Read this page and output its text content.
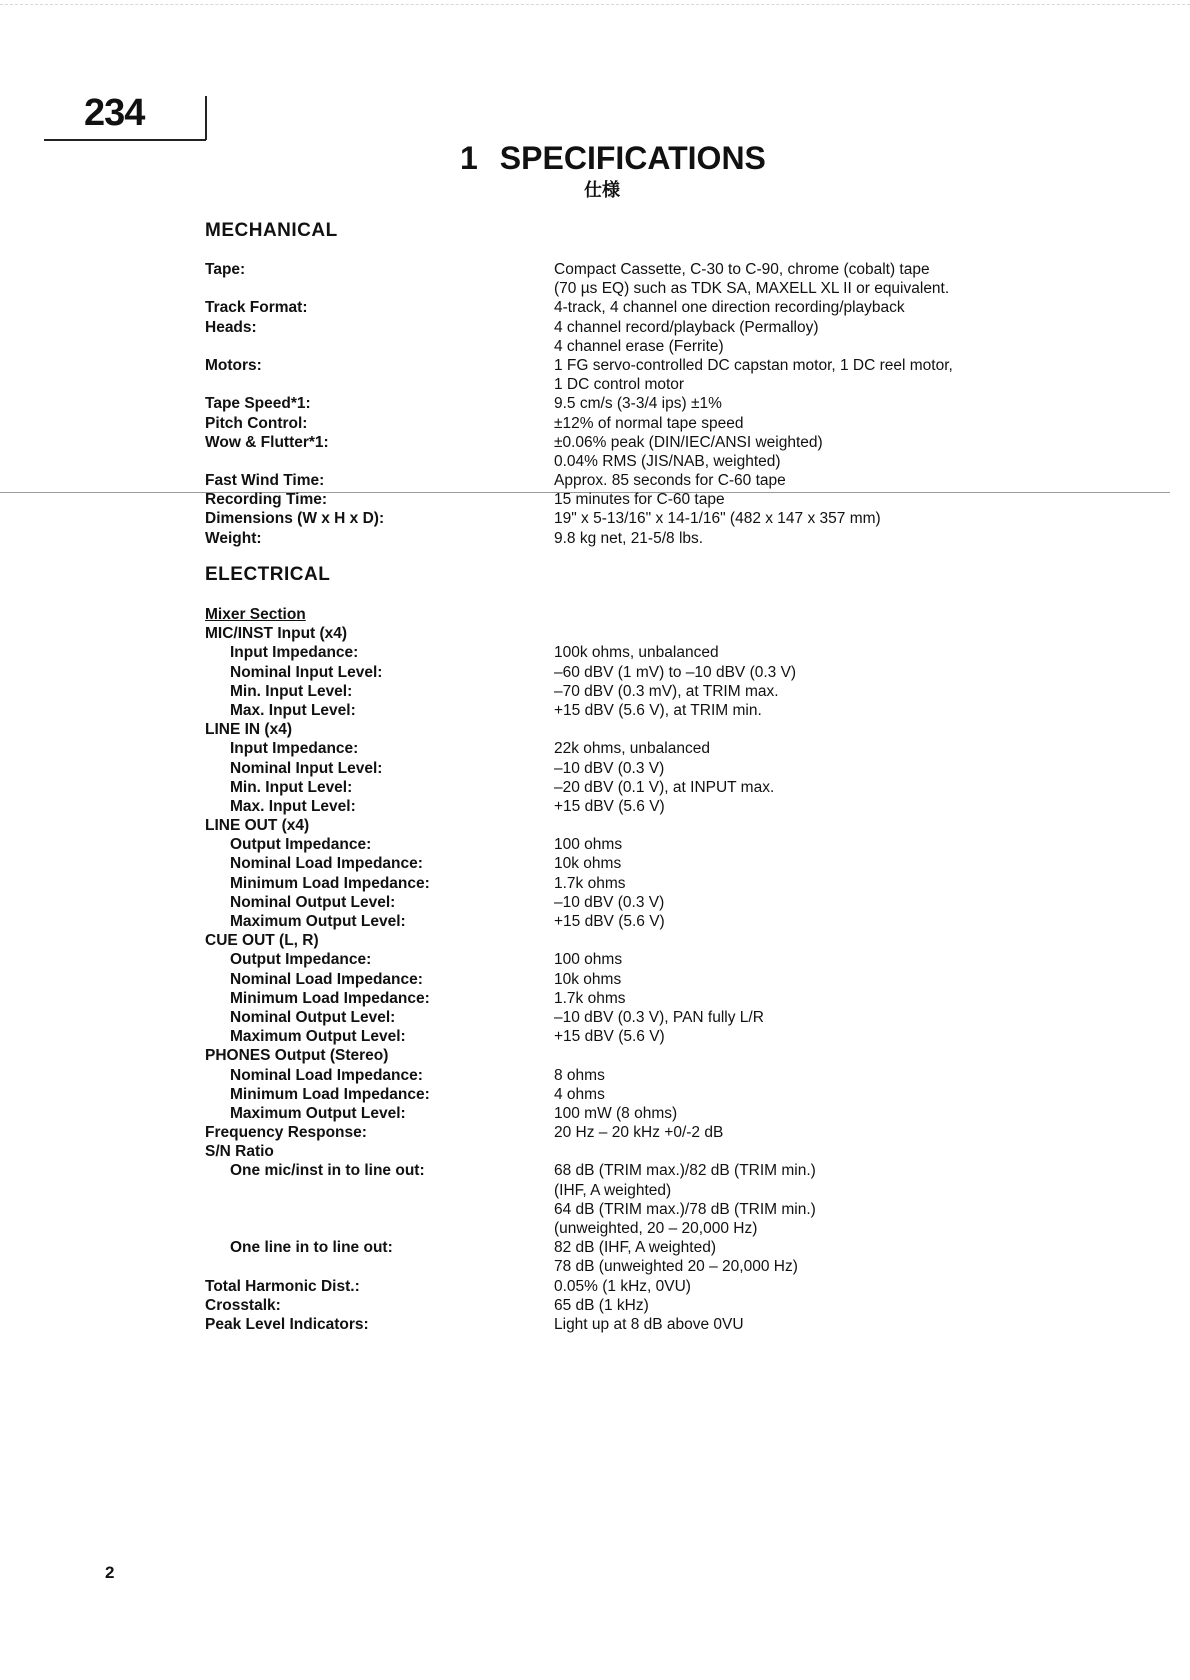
234
1 SPECIFICATIONS
仕様
MECHANICAL
Tape:	Compact Cassette, C-30 to C-90, chrome (cobalt) tape
(70 µs EQ) such as TDK SA, MAXELL XL II or equivalent.
Track Format:	4-track, 4 channel one direction recording/playback
Heads:	4 channel record/playback (Permalloy)
4 channel erase (Ferrite)
Motors:	1 FG servo-controlled DC capstan motor, 1 DC reel motor,
1 DC control motor
Tape Speed*1:	9.5 cm/s (3-3/4 ips) ±1%
Pitch Control:	±12% of normal tape speed
Wow & Flutter*1:	±0.06% peak (DIN/IEC/ANSI weighted)
0.04% RMS (JIS/NAB, weighted)
Fast Wind Time:	Approx. 85 seconds for C-60 tape
Recording Time:	15 minutes for C-60 tape
Dimensions (W x H x D):	19" x 5-13/16" x 14-1/16" (482 x 147 x 357 mm)
Weight:	9.8 kg net, 21-5/8 lbs.
ELECTRICAL
Mixer Section
MIC/INST Input (x4)
Input Impedance:	100k ohms, unbalanced
Nominal Input Level:	–60 dBV (1 mV) to –10 dBV (0.3 V)
Min. Input Level:	–70 dBV (0.3 mV), at TRIM max.
Max. Input Level:	+15 dBV (5.6 V), at TRIM min.
LINE IN (x4)
Input Impedance:	22k ohms, unbalanced
Nominal Input Level:	–10 dBV (0.3 V)
Min. Input Level:	–20 dBV (0.1 V), at INPUT max.
Max. Input Level:	+15 dBV (5.6 V)
LINE OUT (x4)
Output Impedance:	100 ohms
Nominal Load Impedance:	10k ohms
Minimum Load Impedance:	1.7k ohms
Nominal Output Level:	–10 dBV (0.3 V)
Maximum Output Level:	+15 dBV (5.6 V)
CUE OUT (L, R)
Output Impedance:	100 ohms
Nominal Load Impedance:	10k ohms
Minimum Load Impedance:	1.7k ohms
Nominal Output Level:	–10 dBV (0.3 V), PAN fully L/R
Maximum Output Level:	+15 dBV (5.6 V)
PHONES Output (Stereo)
Nominal Load Impedance:	8 ohms
Minimum Load Impedance:	4 ohms
Maximum Output Level:	100 mW (8 ohms)
Frequency Response:	20 Hz – 20 kHz +0/-2 dB
S/N Ratio
One mic/inst in to line out:	68 dB (TRIM max.)/82 dB (TRIM min.)
(IHF, A weighted)
64 dB (TRIM max.)/78 dB (TRIM min.)
(unweighted, 20 – 20,000 Hz)
One line in to line out:	82 dB (IHF, A weighted)
78 dB (unweighted 20 – 20,000 Hz)
Total Harmonic Dist.:	0.05% (1 kHz, 0VU)
Crosstalk:	65 dB (1 kHz)
Peak Level Indicators:	Light up at 8 dB above 0VU
2
